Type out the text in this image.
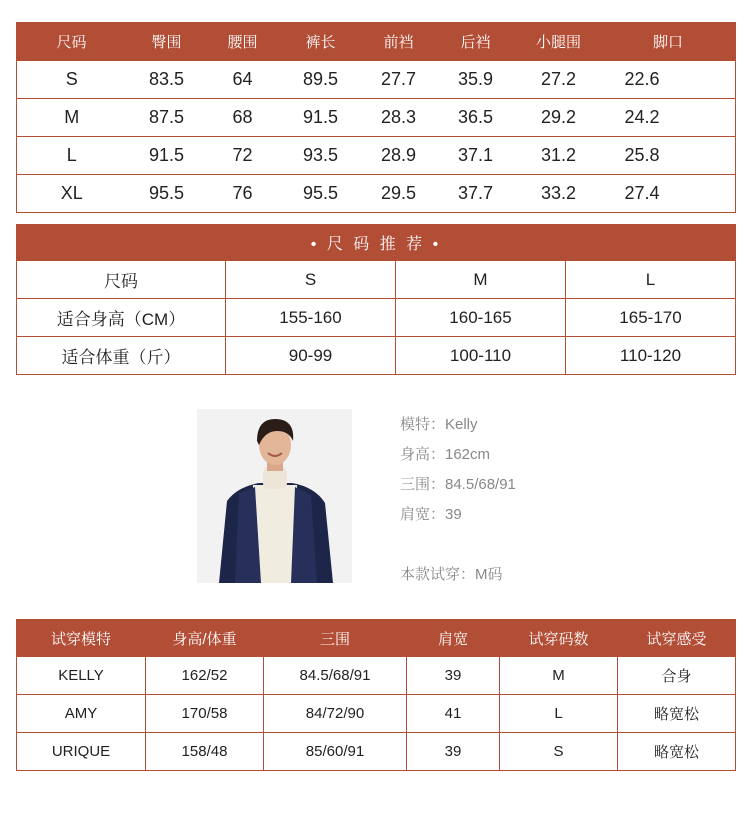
尺码	臀围	腰围	裤长	前裆	后裆	小腿围	脚口
S	83.5	64	89.5	27.7	35.9	27.2	22.6
M	87.5	68	91.5	28.3	36.5	29.2	24.2
L	91.5	72	93.5	28.9	37.1	31.2	25.8
XL	95.5	76	95.5	29.5	37.7	33.2	27.4
• 尺 码 推 荐 •			
尺码	S	M	L
适合身高（CM）	155-160	160-165	165-170
适合体重（斤）	90-99	100-110	110-120
模特：Kelly
身高：162cm
三围：84.5/68/91
肩宽：39
本款试穿：M码
试穿模特	身高/体重	三围	肩宽	试穿码数	试穿感受
KELLY	162/52	84.5/68/91	39	M	合身
AMY	170/58	84/72/90	41	L	略宽松
URIQUE	158/48	85/60/91	39	S	略宽松
